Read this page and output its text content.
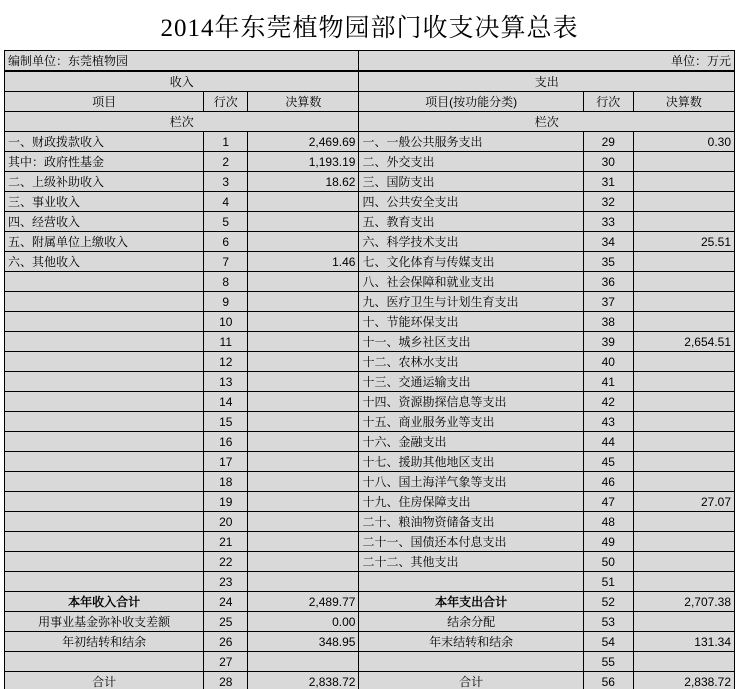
2014年东莞植物园部门收支决算总表
编制单位：东莞植物园	单位：万元
收入			支出		
项目	行次	决算数	项目(按功能分类)	行次	决算数
栏次			栏次		
一、财政拨款收入	1	2,469.69	一、一般公共服务支出	29	0.30
其中：政府性基金	2	1,193.19	二、外交支出	30	
二、上级补助收入	3	18.62	三、国防支出	31	
三、事业收入	4		四、公共安全支出	32	
四、经营收入	5		五、教育支出	33	
五、附属单位上缴收入	6		六、科学技术支出	34	25.51
六、其他收入	7	1.46	七、文化体育与传媒支出	35	
	8		八、社会保障和就业支出	36	
	9		九、医疗卫生与计划生育支出	37	
	10		十、节能环保支出	38	
	11		十一、城乡社区支出	39	2,654.51
	12		十二、农林水支出	40	
	13		十三、交通运输支出	41	
	14		十四、资源勘探信息等支出	42	
	15		十五、商业服务业等支出	43	
	16		十六、金融支出	44	
	17		十七、援助其他地区支出	45	
	18		十八、国土海洋气象等支出	46	
	19		十九、住房保障支出	47	27.07
	20		二十、粮油物资储备支出	48	
	21		二十一、国债还本付息支出	49	
	22		二十二、其他支出	50	
	23			51	
本年收入合计	24	2,489.77	本年支出合计	52	2,707.38
用事业基金弥补收支差额	25	0.00	结余分配	53	
年初结转和结余	26	348.95	年末结转和结余	54	131.34
	27			55	
合计	28	2,838.72	合计	56	2,838.72
